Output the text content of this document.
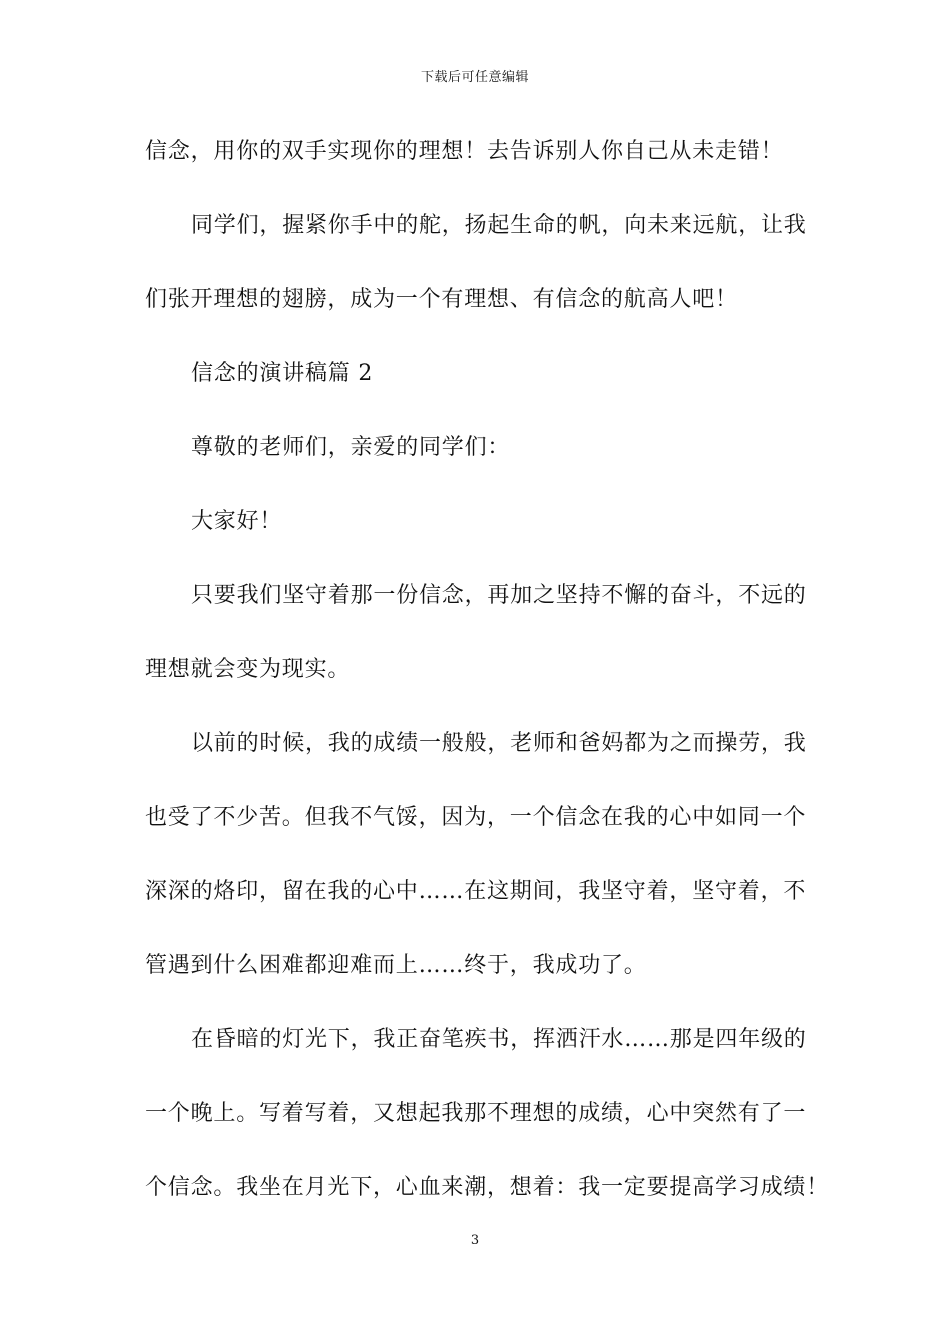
下载后可任意编辑
信念，用你的双手实现你的理想！去告诉别人你自己从未走错！
同学们，握紧你手中的舵，扬起生命的帆，向未来远航，让我
们张开理想的翅膀，成为一个有理想、有信念的航高人吧！
信念的演讲稿篇 2
尊敬的老师们，亲爱的同学们：
大家好！
只要我们坚守着那一份信念，再加之坚持不懈的奋斗，不远的
理想就会变为现实。
以前的时候，我的成绩一般般，老师和爸妈都为之而操劳，我
也受了不少苦。但我不气馁，因为，一个信念在我的心中如同一个
深深的烙印，留在我的心中……在这期间，我坚守着，坚守着，不
管遇到什么困难都迎难而上……终于，我成功了。
在昏暗的灯光下，我正奋笔疾书，挥洒汗水……那是四年级的
一个晚上。写着写着，又想起我那不理想的成绩，心中突然有了一
个信念。我坐在月光下，心血来潮，想着：我一定要提高学习成绩！
3
